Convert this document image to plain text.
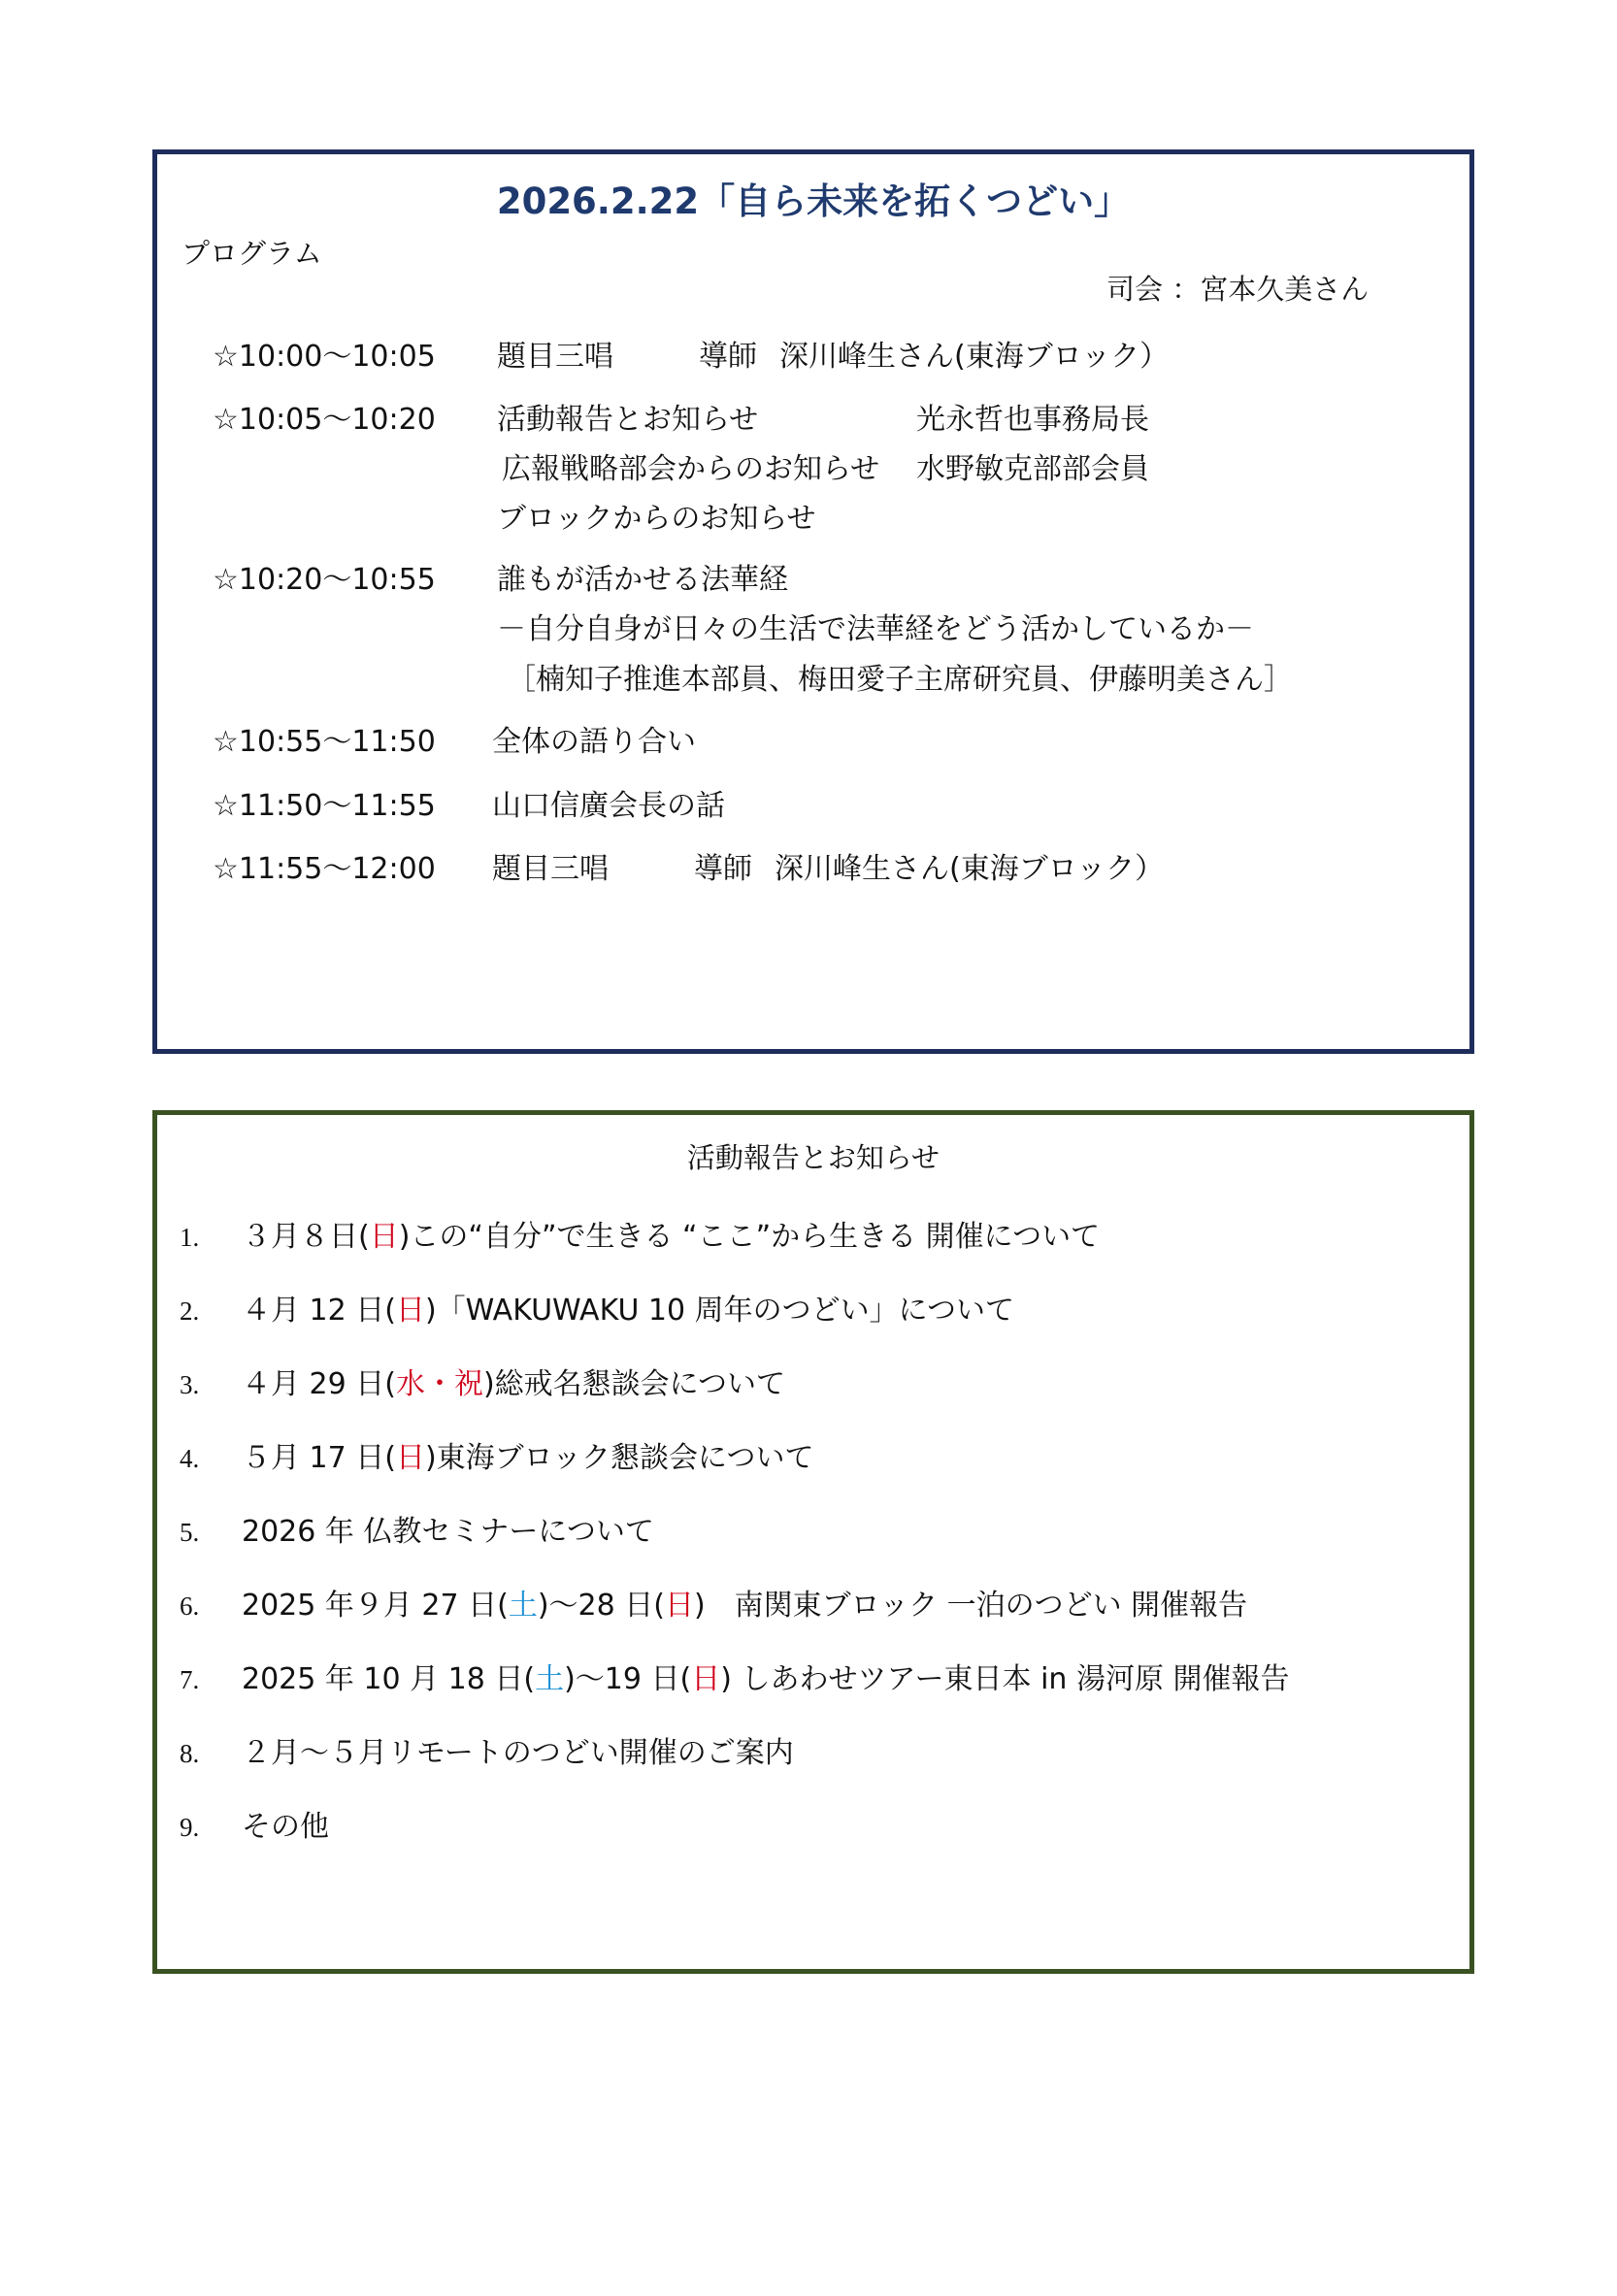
2026.2.22「自ら未来を拓くつどい」
プログラム
司会 ：宮本久美さん
☆10:00～10:05 題目三唱	導師 深川峰生さん(東海ブロック）
☆10:05～10:20 活動報告とお知らせ	光永哲也事務局長
広報戦略部会からのお知らせ 水野敏克部部会員
ブロックからのお知らせ
☆10:20～10:55 誰もが活かせる法華経
－自分自身が日々の生活で法華経をどう活かしているか－
［楠知子推進本部員、梅田愛子主席研究員、伊藤明美さん］
☆10:55～11:50 全体の語り合い
☆11:50～11:55 山口信廣会長の話
☆11:55～12:00 題目三唱	導師 深川峰生さん(東海ブロック）
活動報告とお知らせ
1. ３月８日(日)この“自分”で生きる “ここ”から生きる 開催について
2. ４月 12 日(日)「WAKUWAKU 10 周年のつどい」について
3. ４月 29 日(水・祝)総戒名懇談会について
4. ５月 17 日(日)東海ブロック懇談会について
5. 2026 年 仏教セミナーについて
6. 2025 年９月 27 日(土)～28 日(日)　南関東ブロック 一泊のつどい 開催報告
7. 2025 年 10 月 18 日(土)～19 日(日) しあわせツアー東日本 in 湯河原 開催報告
8. ２月～５月リモートのつどい開催のご案内
9. その他
